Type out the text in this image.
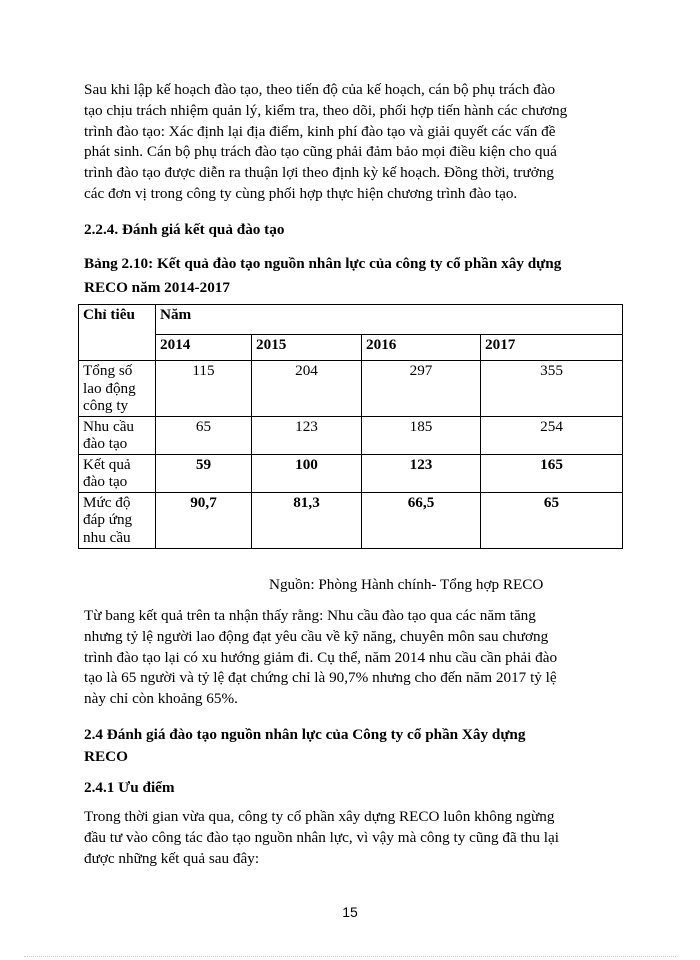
Sau khi lập kế hoạch đào tạo, theo tiến độ của kế hoạch, cán bộ phụ trách đào
tạo chịu trách nhiệm quản lý, kiểm tra, theo dõi, phối hợp tiến hành các chương
trình đào tạo: Xác định lại địa điểm, kinh phí đào tạo và giải quyết các vấn đề
phát sinh. Cán bộ phụ trách đào tạo cũng phải đảm bảo mọi điều kiện cho quá
trình đào tạo được diễn ra thuận lợi theo định kỳ kế hoạch. Đồng thời, trưởng
các đơn vị trong công ty cùng phối hợp thực hiện chương trình đào tạo.

2.2.4. Đánh giá kết quả đào tạo

Bảng 2.10: Kết quả đào tạo nguồn nhân lực của công ty cổ phần xây dựng
RECO năm 2014-2017

Chỉ tiêu	Năm			
	2014	2015	2016	2017
Tổng số lao động công ty	115	204	297	355
Nhu cầu đào tạo	65	123	185	254
Kết quả đào tạo	59	100	123	165
Mức độ đáp ứng nhu cầu	90,7	81,3	66,5	65

Nguồn: Phòng Hành chính- Tổng hợp RECO

Từ bang kết quả trên ta nhận thấy rằng: Nhu cầu đào tạo qua các năm tăng
nhưng tỷ lệ người lao động đạt yêu cầu về kỹ năng, chuyên môn sau chương
trình đào tạo lại có xu hướng giảm đi. Cụ thể, năm 2014 nhu cầu cần phải đào
tạo là 65 người và tỷ lệ đạt chứng chỉ là 90,7% nhưng cho đến năm 2017 tỷ lệ
này chỉ còn khoảng 65%.

2.4 Đánh giá đào tạo nguồn nhân lực của Công ty cổ phần Xây dựng
RECO

2.4.1 Ưu điểm

Trong thời gian vừa qua, công ty cổ phần xây dựng RECO luôn không ngừng
đầu tư vào công tác đào tạo nguồn nhân lực, vì vậy mà công ty cũng đã thu lại
được những kết quả sau đây:

15
